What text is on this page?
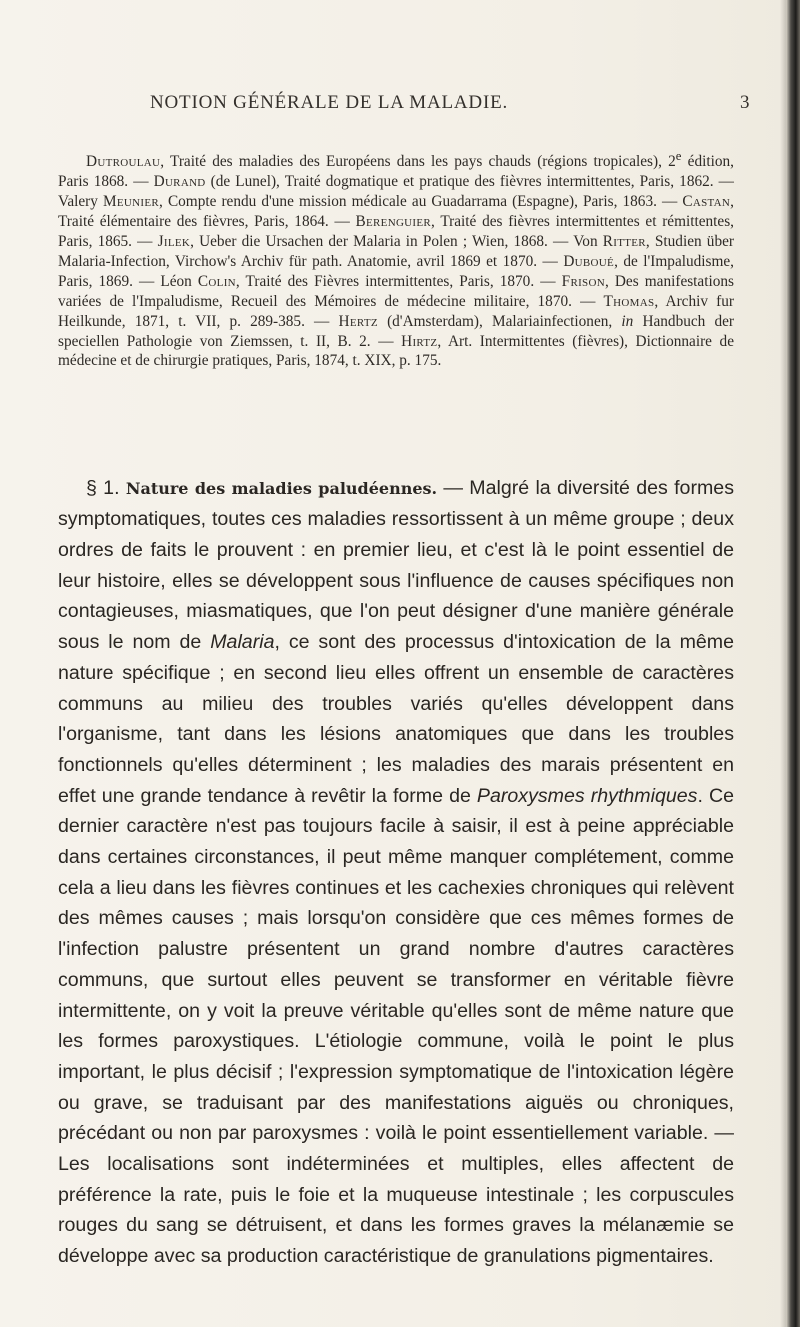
NOTION GÉNÉRALE DE LA MALADIE.	3

Dutroulau, Traité des maladies des Européens dans les pays chauds (régions tropicales), 2e édition, Paris 1868. — Durand (de Lunel), Traité dogmatique et pratique des fièvres intermittentes, Paris, 1862. — Valery Meunier, Compte rendu d'une mission médicale au Guadarrama (Espagne), Paris, 1863. — Castan, Traité élémentaire des fièvres, Paris, 1864. — Berenguier, Traité des fièvres intermittentes et rémittentes, Paris, 1865. — Jilek, Ueber die Ursachen der Malaria in Polen ; Wien, 1868. — Von Ritter, Studien über Malaria-Infection, Virchow's Archiv für path. Anatomie, avril 1869 et 1870. — Duboué, de l'Impaludisme, Paris, 1869. — Léon Colin, Traité des Fièvres intermittentes, Paris, 1870. — Frison, Des manifestations variées de l'Impaludisme, Recueil des Mémoires de médecine militaire, 1870. — Thomas, Archiv fur Heilkunde, 1871, t. VII, p. 289-385. — Hertz (d'Amsterdam), Malariainfectionen, in Handbuch der speciellen Pathologie von Ziemssen, t. II, B. 2. — Hirtz, Art. Intermittentes (fièvres), Dictionnaire de médecine et de chirurgie pratiques, Paris, 1874, t. XIX, p. 175.

§ 1. Nature des maladies paludéennes. — Malgré la diversité des formes symptomatiques, toutes ces maladies ressortissent à un même groupe ; deux ordres de faits le prouvent : en premier lieu, et c'est là le point essentiel de leur histoire, elles se développent sous l'influence de causes spécifiques non contagieuses, miasmatiques, que l'on peut désigner d'une manière générale sous le nom de Malaria, ce sont des processus d'intoxication de la même nature spécifique ; en second lieu elles offrent un ensemble de caractères communs au milieu des troubles variés qu'elles développent dans l'organisme, tant dans les lésions anatomiques que dans les troubles fonctionnels qu'elles déterminent ; les maladies des marais présentent en effet une grande tendance à revêtir la forme de Paroxysmes rhythmiques. Ce dernier caractère n'est pas toujours facile à saisir, il est à peine appréciable dans certaines circonstances, il peut même manquer complétement, comme cela a lieu dans les fièvres continues et les cachexies chroniques qui relèvent des mêmes causes ; mais lorsqu'on considère que ces mêmes formes de l'infection palustre présentent un grand nombre d'autres caractères communs, que surtout elles peuvent se transformer en véritable fièvre intermittente, on y voit la preuve véritable qu'elles sont de même nature que les formes paroxystiques. L'étiologie commune, voilà le point le plus important, le plus décisif ; l'expression symptomatique de l'intoxication légère ou grave, se traduisant par des manifestations aiguës ou chroniques, précédant ou non par paroxysmes : voilà le point essentiellement variable. — Les localisations sont indéterminées et multiples, elles affectent de préférence la rate, puis le foie et la muqueuse intestinale ; les corpuscules rouges du sang se détruisent, et dans les formes graves la mélanæmie se développe avec sa production caractéristique de granulations pigmentaires.
